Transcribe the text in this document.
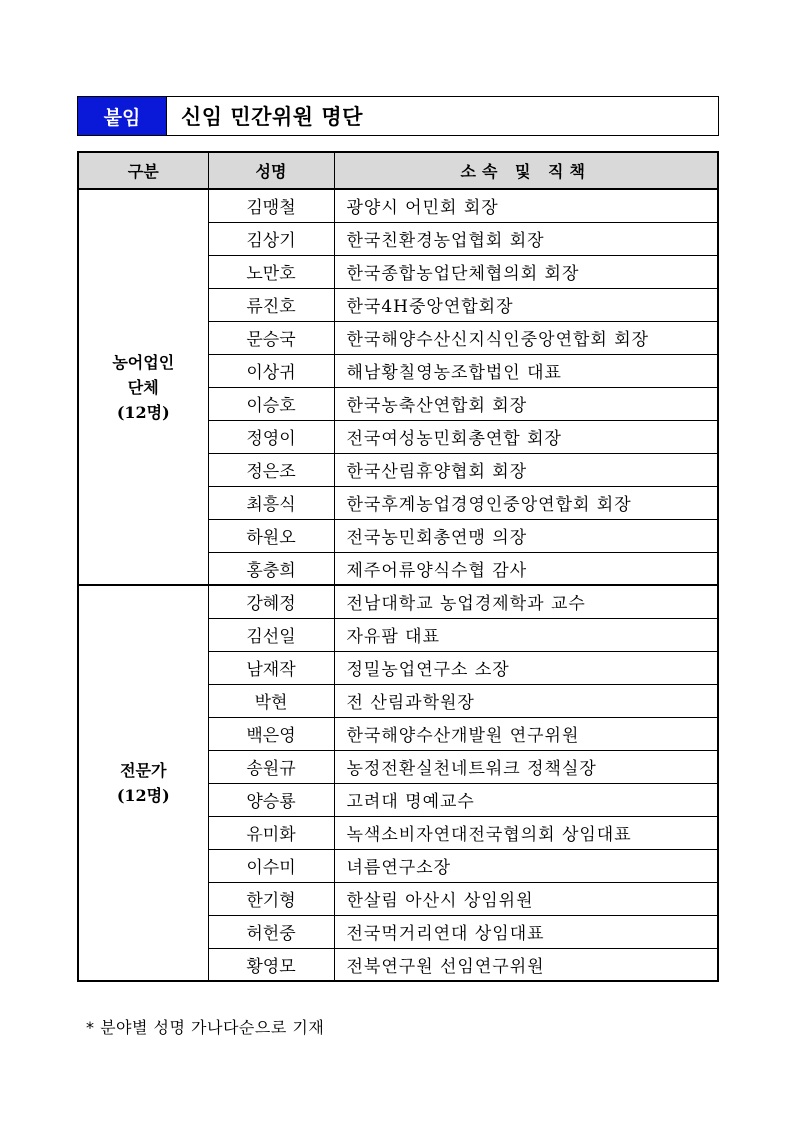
붙임	신임 민간위원 명단
구분	성명	소속 및 직책

농어업인
단체
(12명)	김맹철	광양시 어민회 회장
	김상기	한국친환경농업협회 회장
	노만호	한국종합농업단체협의회 회장
	류진호	한국4H중앙연합회장
	문승국	한국해양수산신지식인중앙연합회 회장
	이상귀	해남황칠영농조합법인 대표
	이승호	한국농축산연합회 회장
	정영이	전국여성농민회총연합 회장
	정은조	한국산림휴양협회 회장
	최흥식	한국후계농업경영인중앙연합회 회장
	하원오	전국농민회총연맹 의장
	홍충희	제주어류양식수협 감사

전문가
(12명)	강혜정	전남대학교 농업경제학과 교수
	김선일	자유팜 대표
	남재작	정밀농업연구소 소장
	박현	전 산림과학원장
	백은영	한국해양수산개발원 연구위원
	송원규	농정전환실천네트워크 정책실장
	양승룡	고려대 명예교수
	유미화	녹색소비자연대전국협의회 상임대표
	이수미	녀름연구소장
	한기형	한살림 아산시 상임위원
	허헌중	전국먹거리연대 상임대표
	황영모	전북연구원 선임연구위원
* 분야별 성명 가나다순으로 기재
